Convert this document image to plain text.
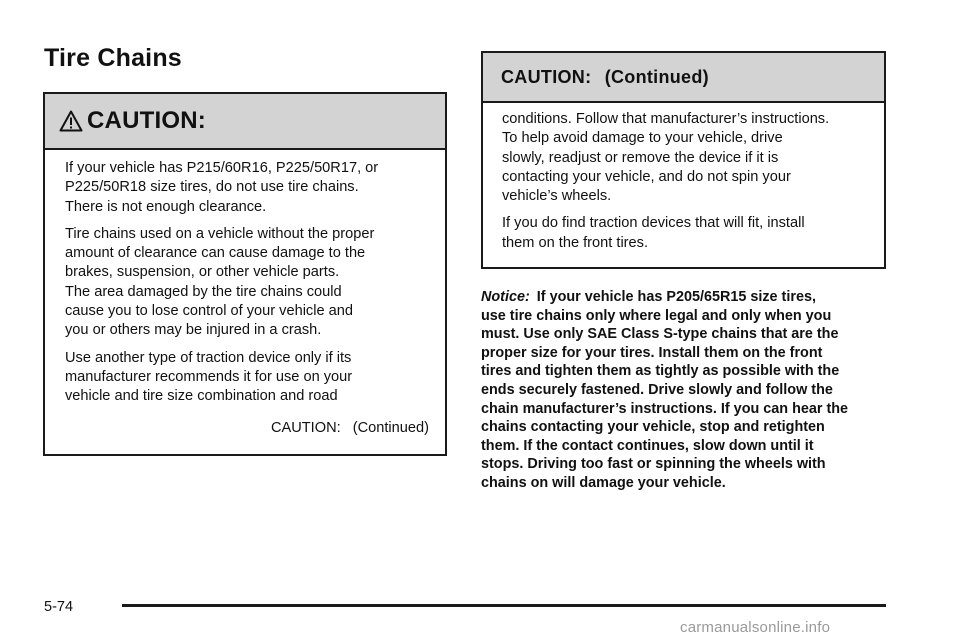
Tire Chains
CAUTION:

If your vehicle has P215/60R16, P225/50R17, or
P225/50R18 size tires, do not use tire chains.
There is not enough clearance.

Tire chains used on a vehicle without the proper
amount of clearance can cause damage to the
brakes, suspension, or other vehicle parts.

The area damaged by the tire chains could
cause you to lose control of your vehicle and
you or others may be injured in a crash.

Use another type of traction device only if its
manufacturer recommends it for use on your
vehicle and tire size combination and road

CAUTION: (Continued)
CAUTION: (Continued)

conditions. Follow that manufacturer’s instructions.
To help avoid damage to your vehicle, drive
slowly, readjust or remove the device if it is
contacting your vehicle, and do not spin your
vehicle’s wheels.

If you do find traction devices that will fit, install
them on the front tires.

Notice: If your vehicle has P205/65R15 size tires,
use tire chains only where legal and only when you
must. Use only SAE Class S-type chains that are the
proper size for your tires. Install them on the front
tires and tighten them as tightly as possible with the
ends securely fastened. Drive slowly and follow the
chain manufacturer’s instructions. If you can hear the
chains contacting your vehicle, stop and retighten
them. If the contact continues, slow down until it
stops. Driving too fast or spinning the wheels with
chains on will damage your vehicle.

5-74
carmanualsonline.info
